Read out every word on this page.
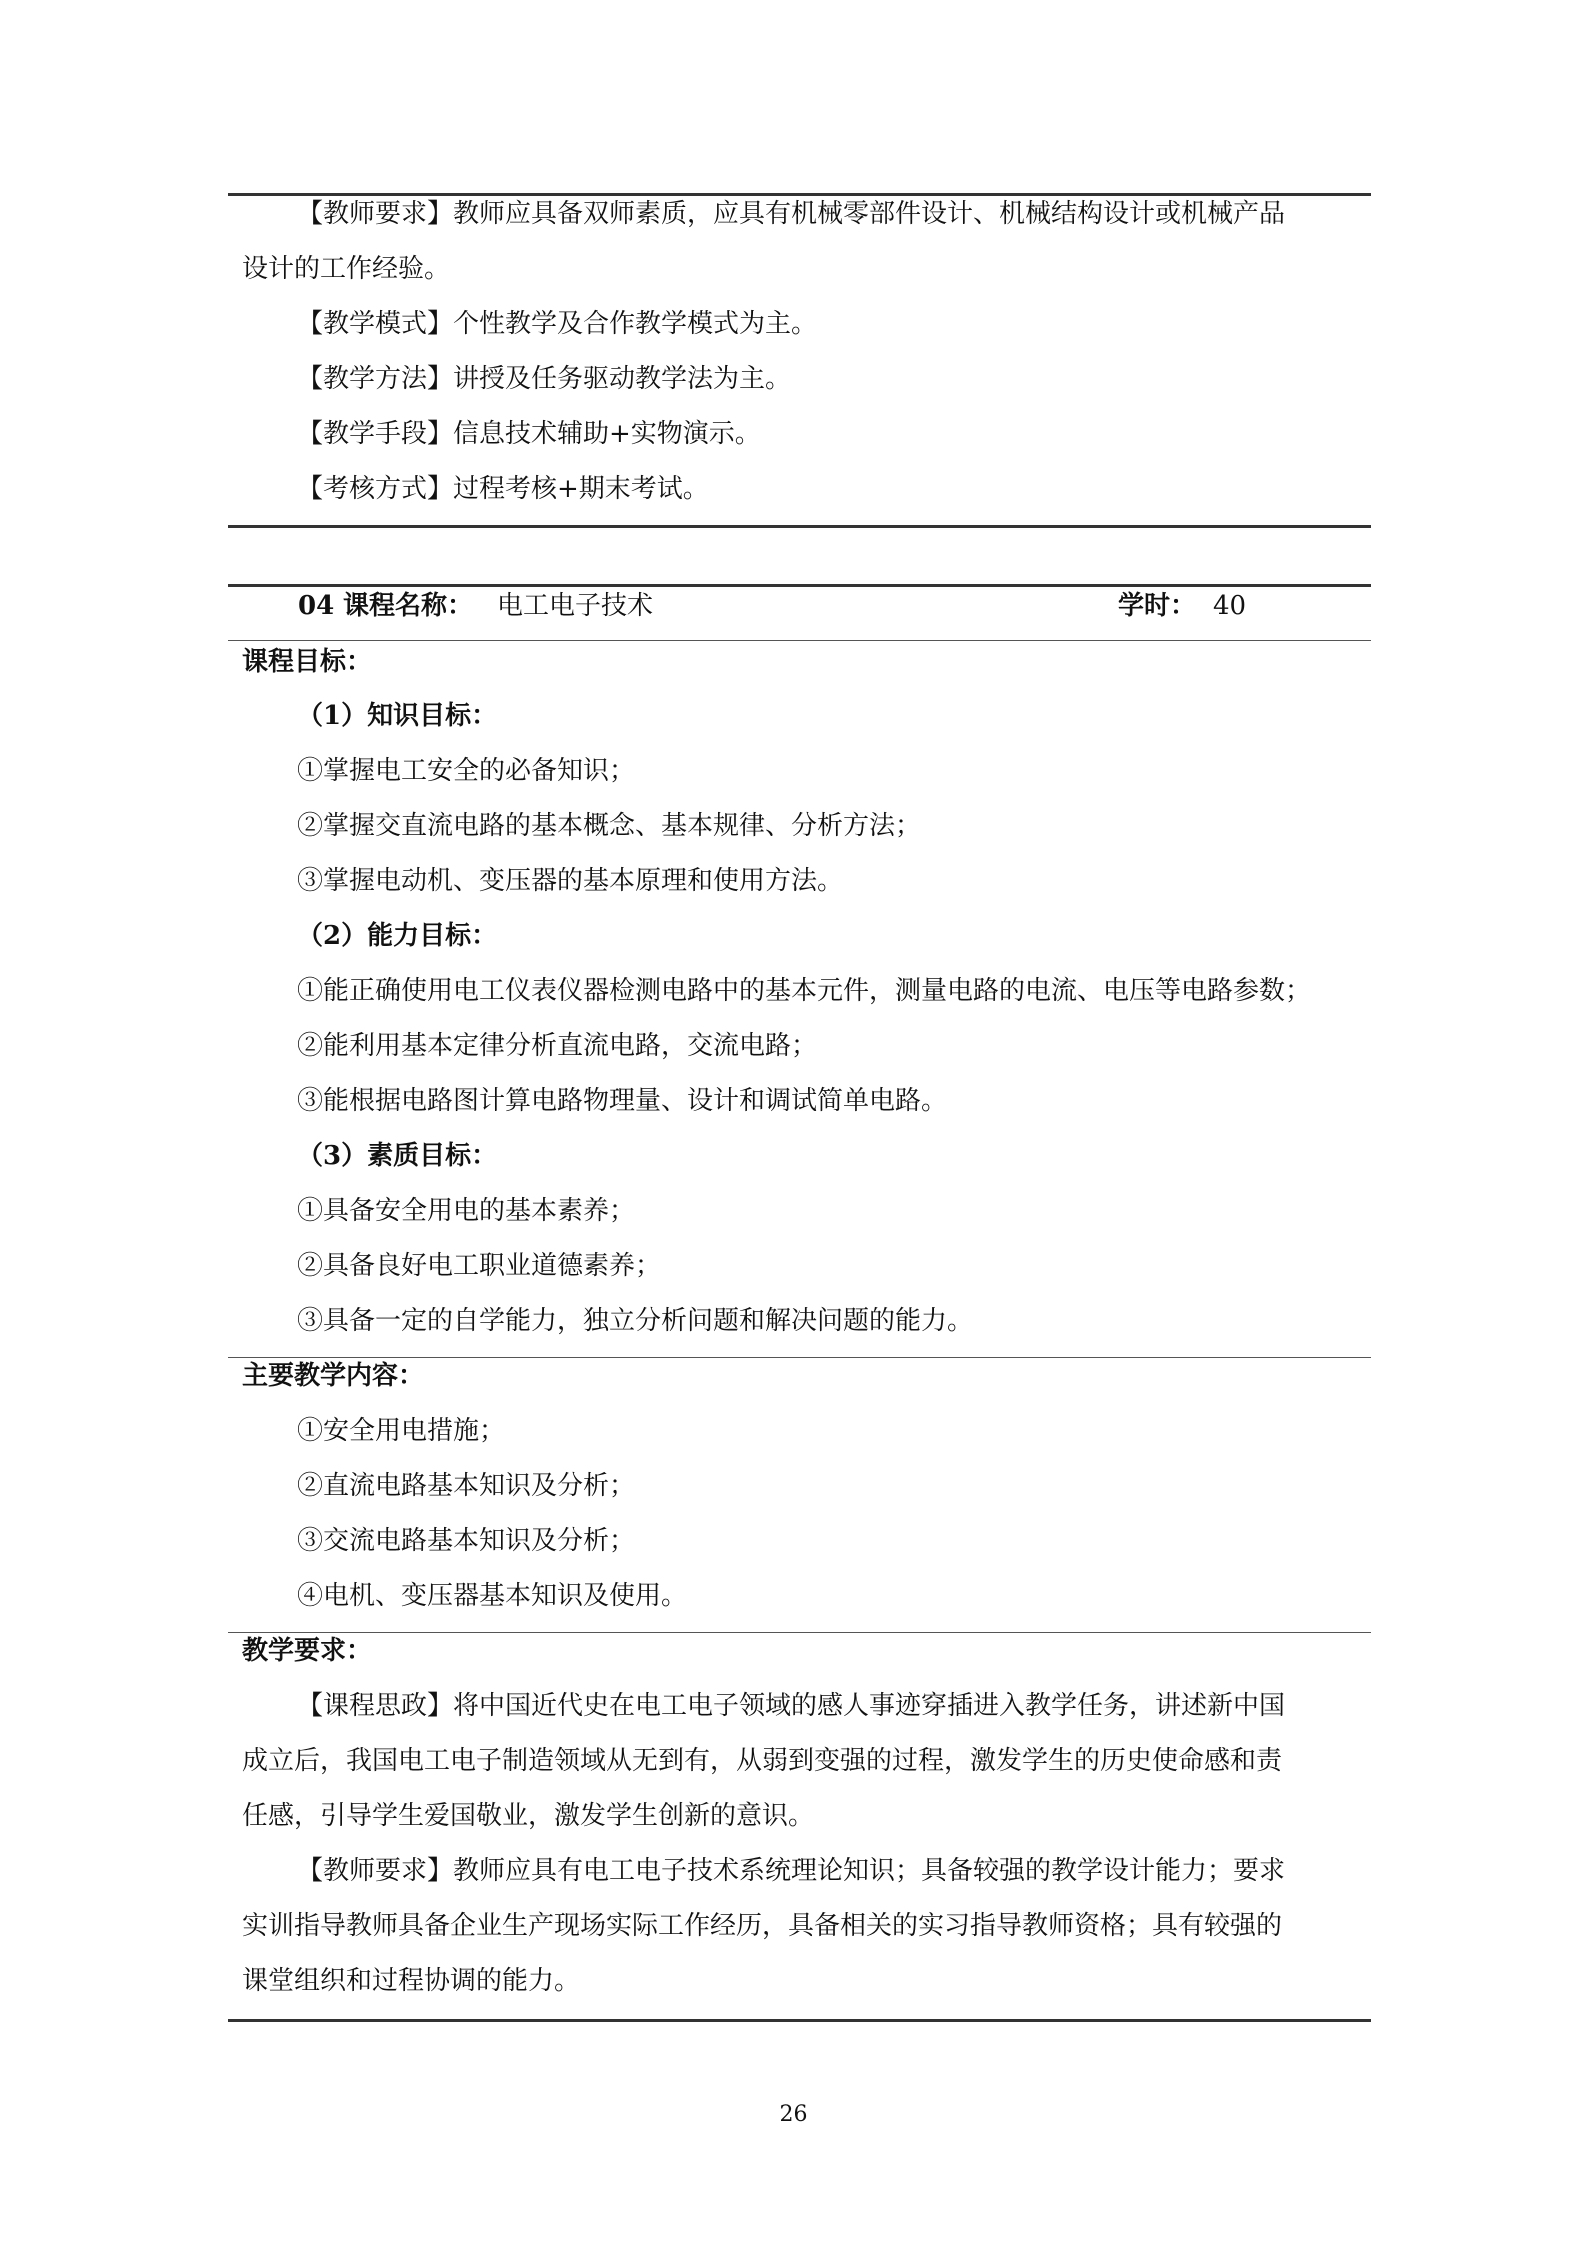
【教师要求】教师应具备双师素质，应具有机械零部件设计、机械结构设计或机械产品
设计的工作经验。
【教学模式】个性教学及合作教学模式为主。
【教学方法】讲授及任务驱动教学法为主。
【教学手段】信息技术辅助+实物演示。
【考核方式】过程考核+期末考试。
04 课程名称： 电工电子技术	学时： 40
课程目标：
（1）知识目标：
①掌握电工安全的必备知识；
②掌握交直流电路的基本概念、基本规律、分析方法；
③掌握电动机、变压器的基本原理和使用方法。
（2）能力目标：
①能正确使用电工仪表仪器检测电路中的基本元件，测量电路的电流、电压等电路参数；
②能利用基本定律分析直流电路，交流电路；
③能根据电路图计算电路物理量、设计和调试简单电路。
（3）素质目标：
①具备安全用电的基本素养；
②具备良好电工职业道德素养；
③具备一定的自学能力，独立分析问题和解决问题的能力。
主要教学内容：
①安全用电措施；
②直流电路基本知识及分析；
③交流电路基本知识及分析；
④电机、变压器基本知识及使用。
教学要求：
【课程思政】将中国近代史在电工电子领域的感人事迹穿插进入教学任务，讲述新中国
成立后，我国电工电子制造领域从无到有，从弱到变强的过程，激发学生的历史使命感和责
任感，引导学生爱国敬业，激发学生创新的意识。
【教师要求】教师应具有电工电子技术系统理论知识；具备较强的教学设计能力；要求
实训指导教师具备企业生产现场实际工作经历，具备相关的实习指导教师资格；具有较强的
课堂组织和过程协调的能力。
26
